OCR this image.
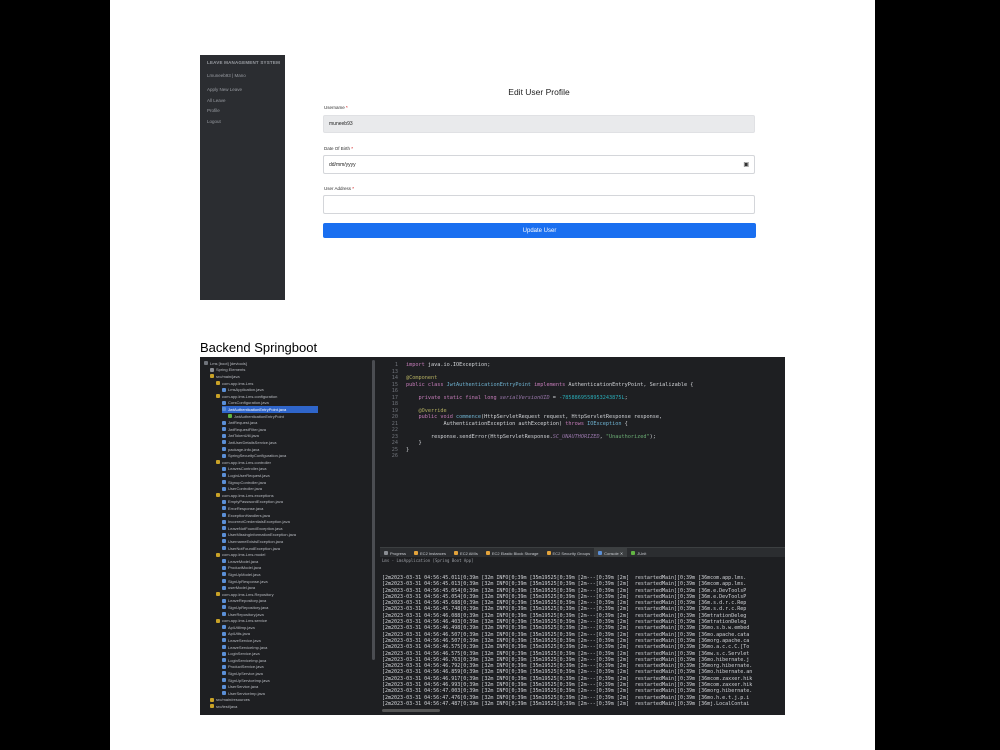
LEAVE MANAGEMENT SYSTEM
Lmuneeb93 | Mano
Apply New Leave
All Leave
Profile
Logout
Edit User Profile
Username *
muneeb93
Date Of Birth *
dd/mm/yyyy	▣
User Address *
Update User
Backend Springboot
Lms [boot] [devtools]
Spring Elements
src/main/java
com.app.lms.Lms
LmsApplication.java
com.app.lms.Lms.configuration
CorsConfiguration.java
JwtAuthenticationEntryPoint.java
JwtAuthenticationEntryPoint
JwtRequest.java
JwtRequestFilter.java
JwtTokenUtil.java
JwtUserDetailsService.java
package-info.java
SpringSecurityConfiguration.java
com.app.lms.Lms.controller
LeavesController.java
LoginUserRequest.java
SignupController.java
UserController.java
com.app.lms.Lms.exceptions
EmptyPasswordException.java
ErrorResponse.java
ExceptionHandlers.java
IncorrectCredentialsException.java
LeaveNotFoundException.java
UserMissingInformationException.java
UsernameExistsException.java
UserNotFoundException.java
com.app.lms.Lms.model
LeaveModel.java
ProductModel.java
SignUpModel.java
SignUpResponse.java
userModel.java
com.app.lms.Lms.Repository
LeaveRepository.java
SignUpRepository.java
UserRepository.java
com.app.lms.Lms.service
ApiUtilImp.java
ApiUtils.java
LeaveService.java
LeaveServiceImp.java
LoginService.java
LoginServiceImp.java
ProductService.java
SignUpService.java
SignUpServiceImp.java
UserService.java
UserServiceImp.java
src/main/resources
src/test/java
1
13
14
15
16
17
18
19
20
21
22
23
24
25
26
import java.io.IOException;
@Component
public class JwtAuthenticationEntryPoint implements AuthenticationEntryPoint, Serializable {
private static final long serialVersionUID = -7858869558953243875L;
@Override
public void commence(HttpServletRequest request, HttpServletResponse response,
AuthenticationException authException) throws IOException {
response.sendError(HttpServletResponse.SC_UNAUTHORIZED, "Unauthorized");
}
}
Progress	EC2 Instances	EC2 AMIs	EC2 Elastic Block Storage	EC2 Security Groups	Console ✕	JUnit
Lms - LmsApplication [Spring Boot App]
[2m2023-03-31 04:56:45.011[0;39m [32m INFO[0;39m [35m19525[0;39m [2m---[0;39m [2m[  restartedMain][0;39m [36mcom.app.lms.
[2m2023-03-31 04:56:45.013[0;39m [32m INFO[0;39m [35m19525[0;39m [2m---[0;39m [2m[  restartedMain][0;39m [36mcom.app.lms.
[2m2023-03-31 04:56:45.054[0;39m [32m INFO[0;39m [35m19525[0;39m [2m---[0;39m [2m[  restartedMain][0;39m [36m.e.DevToolsP
[2m2023-03-31 04:56:45.054[0;39m [32m INFO[0;39m [35m19525[0;39m [2m---[0;39m [2m[  restartedMain][0;39m [36m.e.DevToolsP
[2m2023-03-31 04:56:45.688[0;39m [32m INFO[0;39m [35m19525[0;39m [2m---[0;39m [2m[  restartedMain][0;39m [36m.s.d.r.c.Rep
[2m2023-03-31 04:56:45.748[0;39m [32m INFO[0;39m [35m19525[0;39m [2m---[0;39m [2m[  restartedMain][0;39m [36m.s.d.r.c.Rep
[2m2023-03-31 04:56:46.088[0;39m [32m INFO[0;39m [35m19525[0;39m [2m---[0;39m [2m[  restartedMain][0;39m [36mtrationDeleg
[2m2023-03-31 04:56:46.403[0;39m [32m INFO[0;39m [35m19525[0;39m [2m---[0;39m [2m[  restartedMain][0;39m [36mtrationDeleg
[2m2023-03-31 04:56:46.498[0;39m [32m INFO[0;39m [35m19525[0;39m [2m---[0;39m [2m[  restartedMain][0;39m [36mo.s.b.w.embed
[2m2023-03-31 04:56:46.507[0;39m [32m INFO[0;39m [35m19525[0;39m [2m---[0;39m [2m[  restartedMain][0;39m [36mo.apache.cata
[2m2023-03-31 04:56:46.507[0;39m [32m INFO[0;39m [35m19525[0;39m [2m---[0;39m [2m[  restartedMain][0;39m [36morg.apache.ca
[2m2023-03-31 04:56:46.575[0;39m [32m INFO[0;39m [35m19525[0;39m [2m---[0;39m [2m[  restartedMain][0;39m [36mo.a.c.c.C.[To
[2m2023-03-31 04:56:46.575[0;39m [32m INFO[0;39m [35m19525[0;39m [2m---[0;39m [2m[  restartedMain][0;39m [36mw.s.c.Servlet
[2m2023-03-31 04:56:46.763[0;39m [32m INFO[0;39m [35m19525[0;39m [2m---[0;39m [2m[  restartedMain][0;39m [36mo.hibernate.j
[2m2023-03-31 04:56:46.792[0;39m [32m INFO[0;39m [35m19525[0;39m [2m---[0;39m [2m[  restartedMain][0;39m [36morg.hibernate.
[2m2023-03-31 04:56:46.859[0;39m [32m INFO[0;39m [35m19525[0;39m [2m---[0;39m [2m[  restartedMain][0;39m [36mo.hibernate.an
[2m2023-03-31 04:56:46.917[0;39m [32m INFO[0;39m [35m19525[0;39m [2m---[0;39m [2m[  restartedMain][0;39m [36mcom.zaxxer.hik
[2m2023-03-31 04:56:46.993[0;39m [32m INFO[0;39m [35m19525[0;39m [2m---[0;39m [2m[  restartedMain][0;39m [36mcom.zaxxer.hik
[2m2023-03-31 04:56:47.003[0;39m [32m INFO[0;39m [35m19525[0;39m [2m---[0;39m [2m[  restartedMain][0;39m [36morg.hibernate.
[2m2023-03-31 04:56:47.476[0;39m [32m INFO[0;39m [35m19525[0;39m [2m---[0;39m [2m[  restartedMain][0;39m [36mo.h.e.t.j.p.i
[2m2023-03-31 04:56:47.487[0;39m [32m INFO[0;39m [35m19525[0;39m [2m---[0;39m [2m[  restartedMain][0;39m [36mj.LocalContai
